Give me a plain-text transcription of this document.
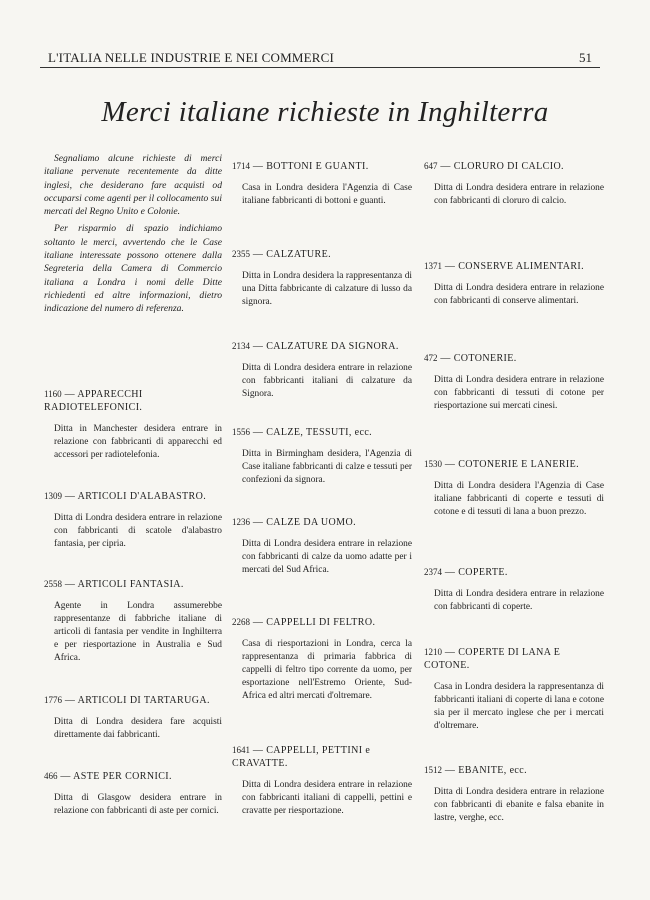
L'ITALIA NELLE INDUSTRIE E NEI COMMERCI	51
Merci italiane richieste in Inghilterra

Segnaliamo alcune richieste di merci italiane pervenute recentemente da ditte inglesi, che desiderano fare acquisti od occuparsi come agenti per il collocamento sui mercati del Regno Unito e Colonie.

Per risparmio di spazio indichiamo soltanto le merci, avvertendo che le Case italiane interessate possono ottenere dalla Segreteria della Camera di Commercio italiana a Londra i nomi delle Ditte richiedenti ed altre informazioni, dietro indicazione del numero di referenza.

1160 — APPARECCHI RADIOTELEFONICI.
Ditta in Manchester desidera entrare in relazione con fabbricanti di apparecchi ed accessori per radiotelefonia.
1309 — ARTICOLI D'ALABASTRO.
Ditta di Londra desidera entrare in relazione con fabbricanti di scatole d'alabastro fantasia, per cipria.
2558 — ARTICOLI FANTASIA.
Agente in Londra assumerebbe rappresentanze di fabbriche italiane di articoli di fantasia per vendite in Inghilterra e per riesportazione in Australia e Sud Africa.
1776 — ARTICOLI DI TARTARUGA.
Ditta di Londra desidera fare acquisti direttamente dai fabbricanti.
466 — ASTE PER CORNICI.
Ditta di Glasgow desidera entrare in relazione con fabbricanti di aste per cornici.
1714 — BOTTONI E GUANTI.
Casa in Londra desidera l'Agenzia di Case italiane fabbricanti di bottoni e guanti.
2355 — CALZATURE.
Ditta in Londra desidera la rappresentanza di una Ditta fabbricante di calzature di lusso da signora.
2134 — CALZATURE DA SIGNORA.
Ditta di Londra desidera entrare in relazione con fabbricanti italiani di calzature da Signora.
1556 — CALZE, TESSUTI, ecc.
Ditta in Birmingham desidera, l'Agenzia di Case italiane fabbricanti di calze e tessuti per confezioni da signora.
1236 — CALZE DA UOMO.
Ditta di Londra desidera entrare in relazione con fabbricanti di calze da uomo adatte per i mercati del Sud Africa.
2268 — CAPPELLI DI FELTRO.
Casa di riesportazioni in Londra, cerca la rappresentanza di primaria fabbrica di cappelli di feltro tipo corrente da uomo, per esportazione nell'Estremo Oriente, Sud-Africa ed altri mercati d'oltremare.
1641 — CAPPELLI, PETTINI e CRAVATTE.
Ditta di Londra desidera entrare in relazione con fabbricanti italiani di cappelli, pettini e cravatte per riesportazione.
647 — CLORURO DI CALCIO.
Ditta di Londra desidera entrare in relazione con fabbricanti di cloruro di calcio.
1371 — CONSERVE ALIMENTARI.
Ditta di Londra desidera entrare in relazione con fabbricanti di conserve alimentari.
472 — COTONERIE.
Ditta di Londra desidera entrare in relazione con fabbricanti di tessuti di cotone per riesportazione sui mercati cinesi.
1530 — COTONERIE E LANERIE.
Ditta di Londra desidera l'Agenzia di Case italiane fabbricanti di coperte e tessuti di cotone e di tessuti di lana a buon prezzo.
2374 — COPERTE.
Ditta di Londra desidera entrare in relazione con fabbricanti di coperte.
1210 — COPERTE DI LANA E COTONE.
Casa in Londra desidera la rappresentanza di fabbricanti italiani di coperte di lana e cotone sia per il mercato inglese che per i mercati d'oltremare.
1512 — EBANITE, ecc.
Ditta di Londra desidera entrare in relazione con fabbricanti di ebanite e falsa ebanite in lastre, verghe, ecc.
